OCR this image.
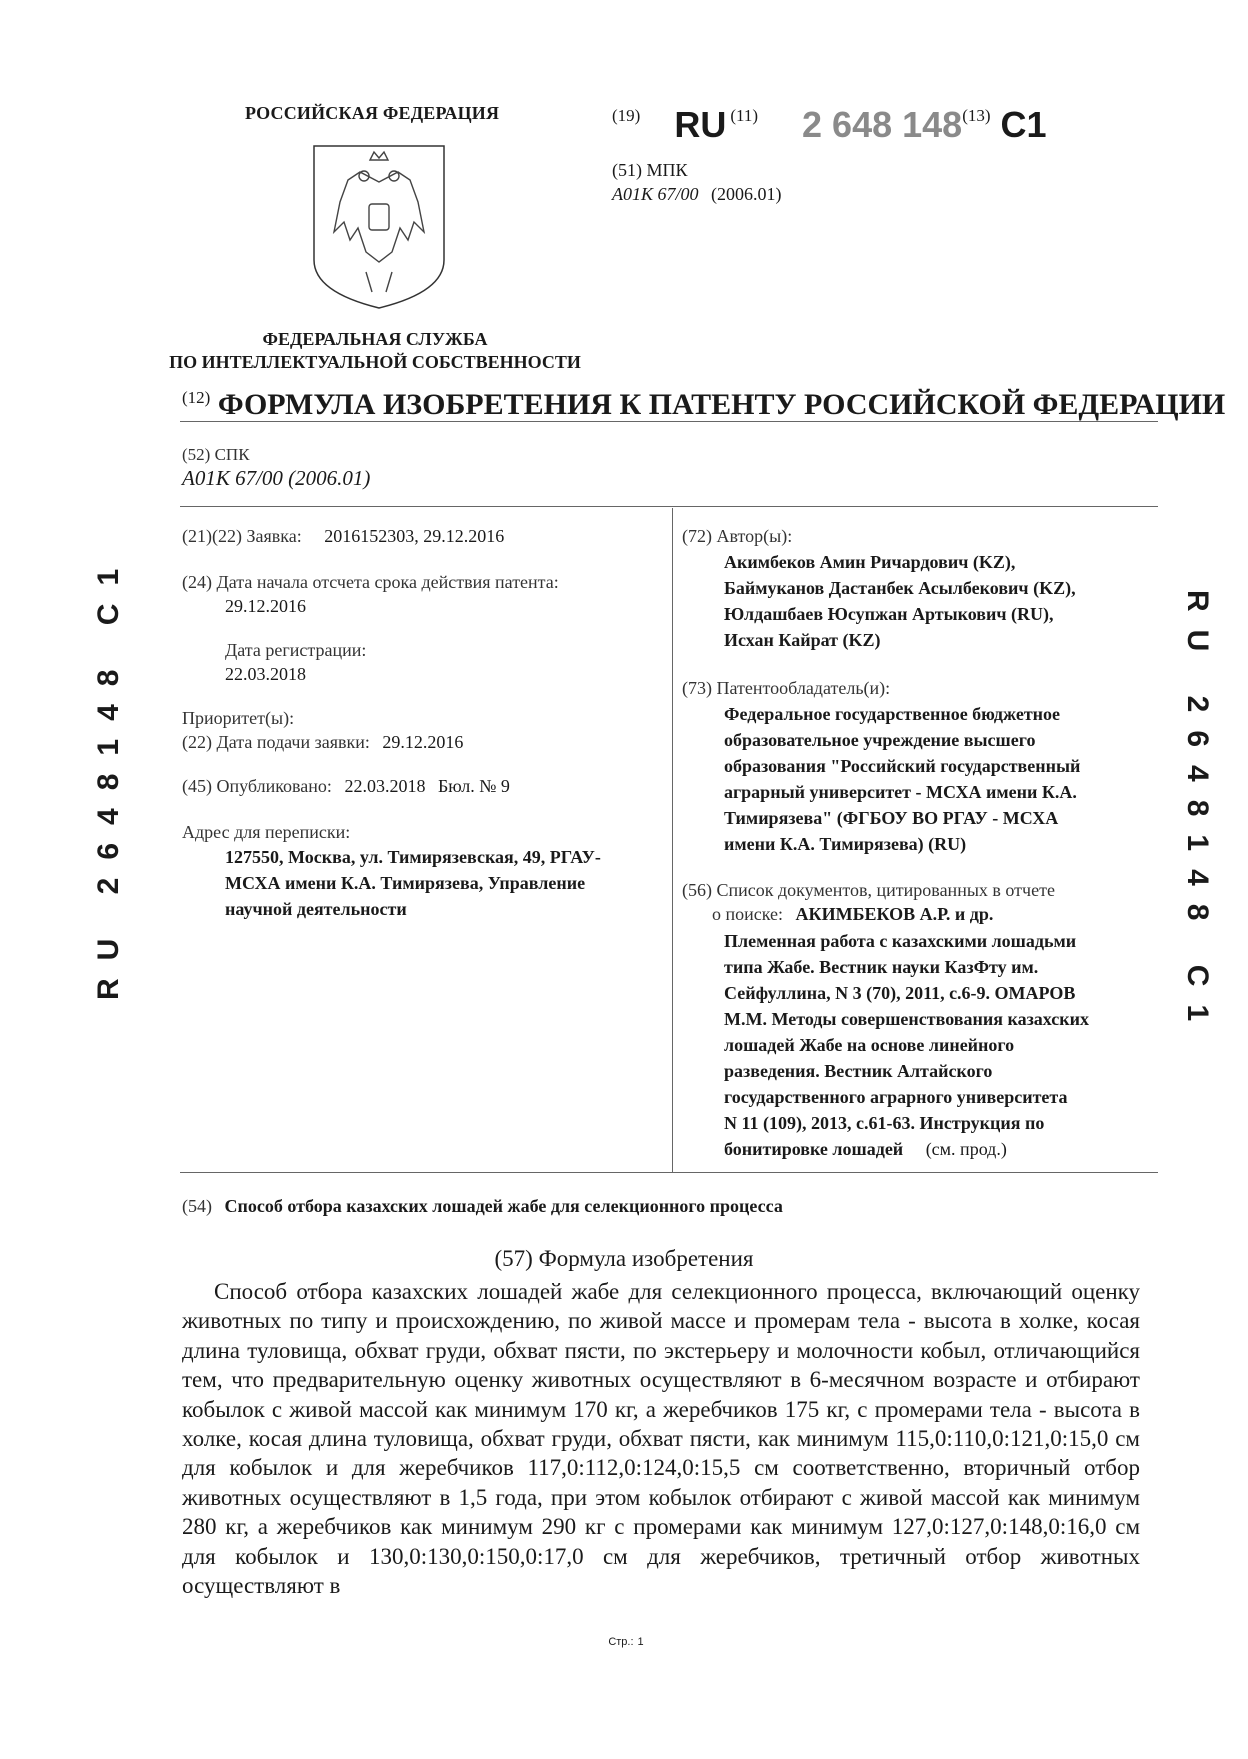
РОССИЙСКАЯ ФЕДЕРАЦИЯ
ФЕДЕРАЛЬНАЯ СЛУЖБА
ПО ИНТЕЛЛЕКТУАЛЬНОЙ СОБСТВЕННОСТИ
(19) RU (11) 2 648 148(13) C1
(51) МПК
A01K 67/00 (2006.01)
$^{(12)}$ ФОРМУЛА ИЗОБРЕТЕНИЯ К ПАТЕНТУ РОССИЙСКОЙ ФЕДЕРАЦИИ
(52) СПК
A01K 67/00 (2006.01)
(21)(22) Заявка: 2016152303, 29.12.2016
(24) Дата начала отсчета срока действия патента:
29.12.2016
Дата регистрации:
22.03.2018
Приоритет(ы):
(22) Дата подачи заявки: 29.12.2016
(45) Опубликовано: 22.03.2018 Бюл. № 9
Адрес для переписки:
127550, Москва, ул. Тимирязевская, 49, РГАУ-
МСХА имени К.А. Тимирязева, Управление
научной деятельности
(72) Автор(ы):
Акимбеков Амин Ричардович (KZ),
Баймуканов Дастанбек Асылбекович (KZ),
Юлдашбаев Юсупжан Артыкович (RU),
Исхан Кайрат (KZ)
(73) Патентообладатель(и):
Федеральное государственное бюджетное
образовательное учреждение высшего
образования "Российский государственный
аграрный университет - МСХА имени К.А.
Тимирязева" (ФГБОУ ВО РГАУ - МСХА
имени К.А. Тимирязева) (RU)
(56) Список документов, цитированных в отчете
о поиске: АКИМБЕКОВ А.Р. и др.
Племенная работа с казахскими лошадьми
типа Жабе. Вестник науки КазФту им.
Сейфуллина, N 3 (70), 2011, с.6-9. ОМАРОВ
М.М. Методы совершенствования казахских
лошадей Жабе на основе линейного
разведения. Вестник Алтайского
государственного аграрного университета
N 11 (109), 2013, с.61-63. Инструкция по
бонитировке лошадей (см. прод.)
RU 2648148 C1
RU 2648148 C1
(54) Способ отбора казахских лошадей жабе для селекционного процесса
(57) Формула изобретения
Способ отбора казахских лошадей жабе для селекционного процесса, включающий оценку животных по типу и происхождению, по живой массе и промерам тела - высота в холке, косая длина туловища, обхват груди, обхват пясти, по экстерьеру и молочности кобыл, отличающийся тем, что предварительную оценку животных осуществляют в 6-месячном возрасте и отбирают кобылок с живой массой как минимум 170 кг, а жеребчиков 175 кг, с промерами тела - высота в холке, косая длина туловища, обхват груди, обхват пясти, как минимум 115,0:110,0:121,0:15,0 см для кобылок и для жеребчиков 117,0:112,0:124,0:15,5 см соответственно, вторичный отбор животных осуществляют в 1,5 года, при этом кобылок отбирают с живой массой как минимум 280 кг, а жеребчиков как минимум 290 кг с промерами как минимум 127,0:127,0:148,0:16,0 см для кобылок и 130,0:130,0:150,0:17,0 см для жеребчиков, третичный отбор животных осуществляют в
Стр.: 1
